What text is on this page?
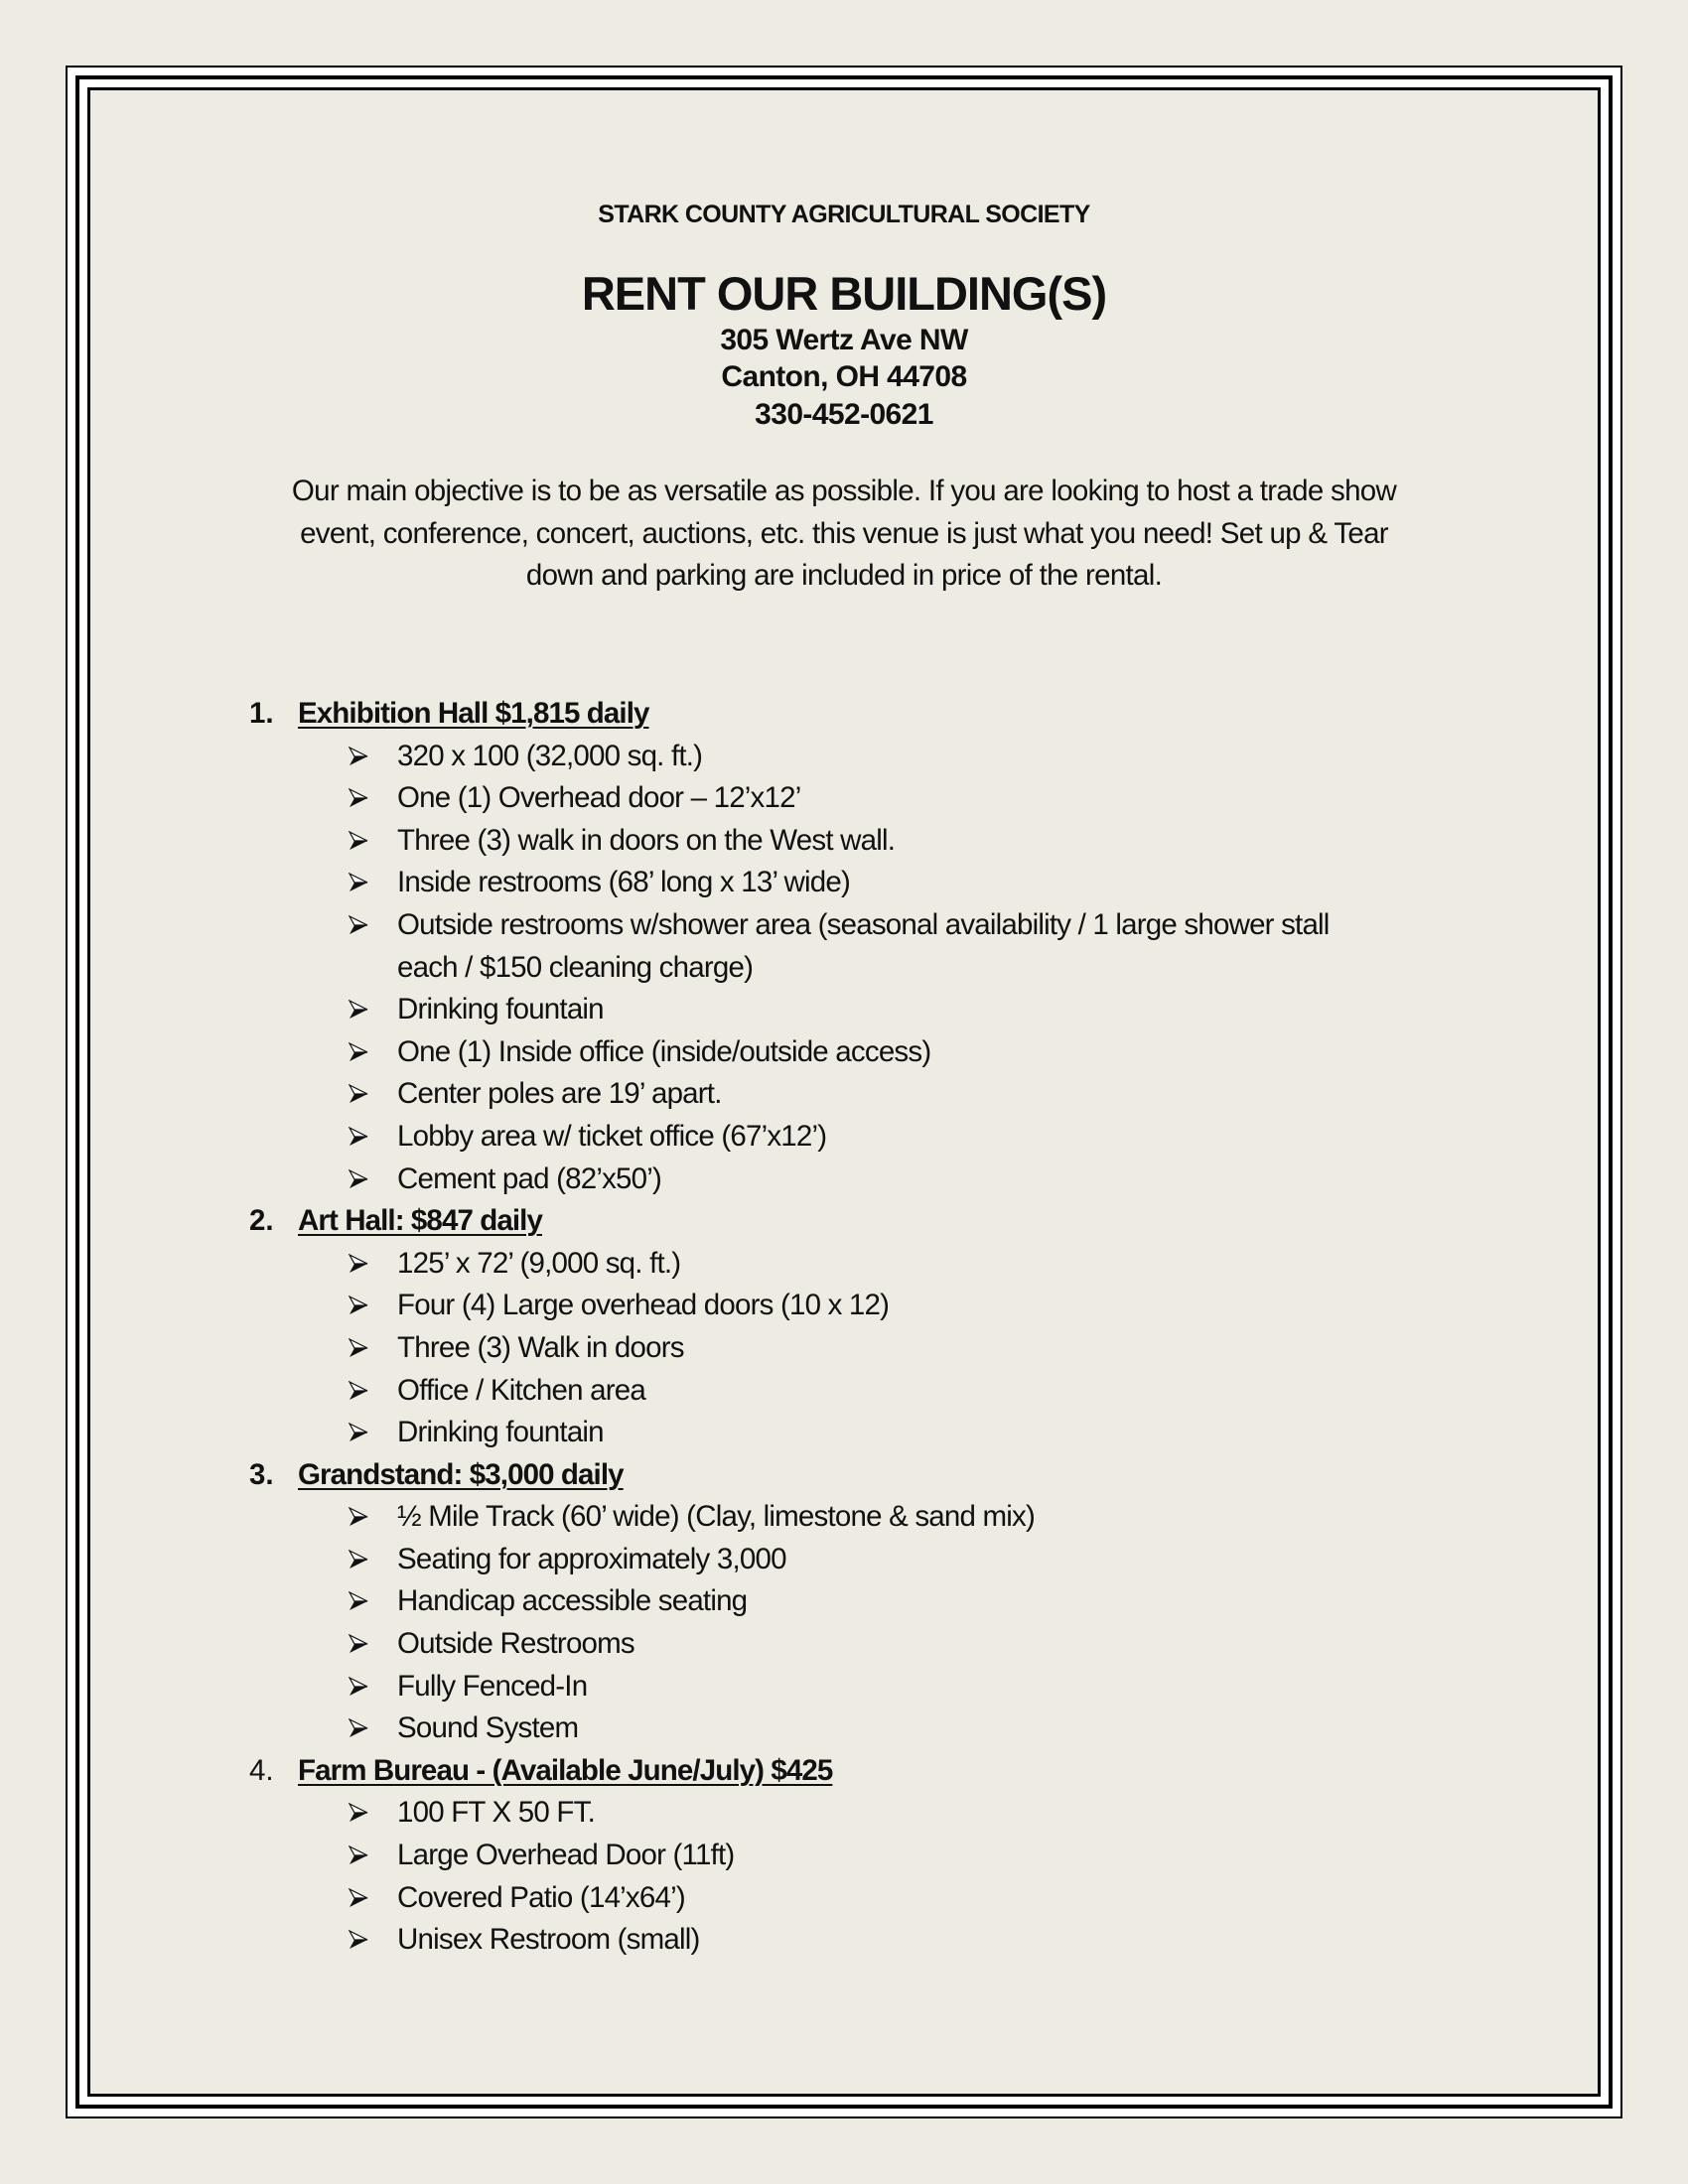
STARK COUNTY AGRICULTURAL SOCIETY
RENT OUR BUILDING(S)
305 Wertz Ave NW
Canton, OH 44708
330-452-0621
Our main objective is to be as versatile as possible. If you are looking to host a trade show
event, conference, concert, auctions, etc. this venue is just what you need! Set up & Tear
down and parking are included in price of the rental.
1. Exhibition Hall $1,815 daily
320 x 100 (32,000 sq. ft.)
One (1) Overhead door – 12’x12’
Three (3) walk in doors on the West wall.
Inside restrooms (68’ long x 13’ wide)
Outside restrooms w/shower area (seasonal availability / 1 large shower stall
each / $150 cleaning charge)
Drinking fountain
One (1) Inside office (inside/outside access)
Center poles are 19’ apart.
Lobby area w/ ticket office (67’x12’)
Cement pad (82’x50’)
2. Art Hall: $847 daily
125’ x 72’ (9,000 sq. ft.)
Four (4) Large overhead doors (10 x 12)
Three (3) Walk in doors
Office / Kitchen area
Drinking fountain
3. Grandstand: $3,000 daily
½ Mile Track (60’ wide) (Clay, limestone & sand mix)
Seating for approximately 3,000
Handicap accessible seating
Outside Restrooms
Fully Fenced-In
Sound System
4. Farm Bureau - (Available June/July) $425
100 FT X 50 FT.
Large Overhead Door (11ft)
Covered Patio (14’x64’)
Unisex Restroom (small)
